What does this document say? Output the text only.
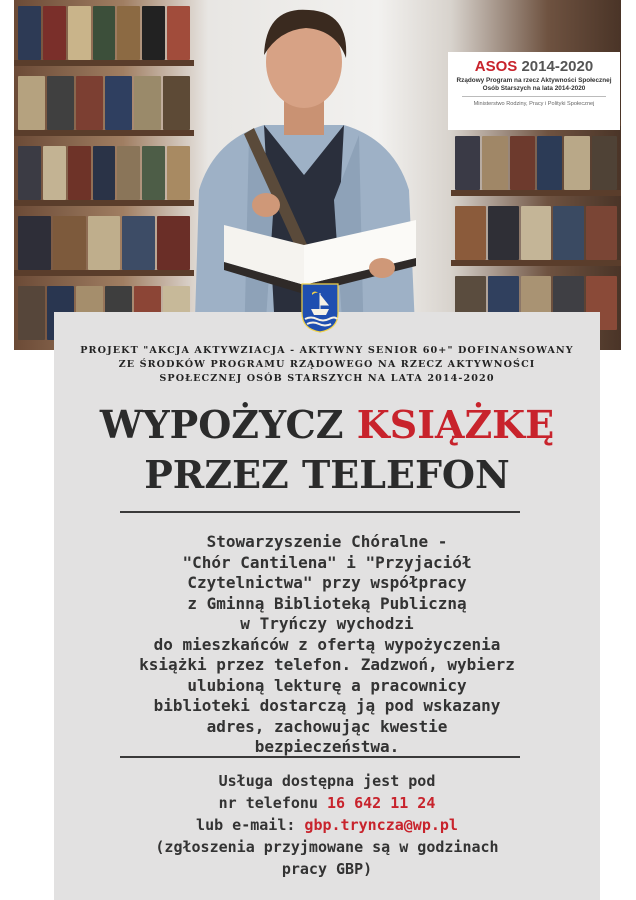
ASOS 2014-2020
Rządowy Program na rzecz Aktywności Społecznej
Osób Starszych na lata 2014-2020
Ministerstwo Rodziny, Pracy i Polityki Społecznej
PROJEKT "AKCJA AKTYWZIACJA - AKTYWNY SENIOR 60+" DOFINANSOWANY ZE ŚRODKÓW PROGRAMU RZĄDOWEGO NA RZECZ AKTYWNOŚCI SPOŁECZNEJ OSÓB STARSZYCH NA LATA 2014-2020
WYPOŻYCZ KSIĄŻKĘ
PRZEZ TELEFON
Stowarzyszenie Chóralne -
"Chór Cantilena" i "Przyjaciół
Czytelnictwa" przy współpracy
z Gminną Biblioteką Publiczną
w Tryńczy wychodzi
do mieszkańców z ofertą wypożyczenia
książki przez telefon. Zadzwoń, wybierz
ulubioną lekturę a pracownicy
biblioteki dostarczą ją pod wskazany
adres, zachowując kwestie
bezpieczeństwa.
Usługa dostępna jest pod
nr telefonu 16 642 11 24
lub e-mail: gbp.tryncza@wp.pl
(zgłoszenia przyjmowane są w godzinach
pracy GBP)
